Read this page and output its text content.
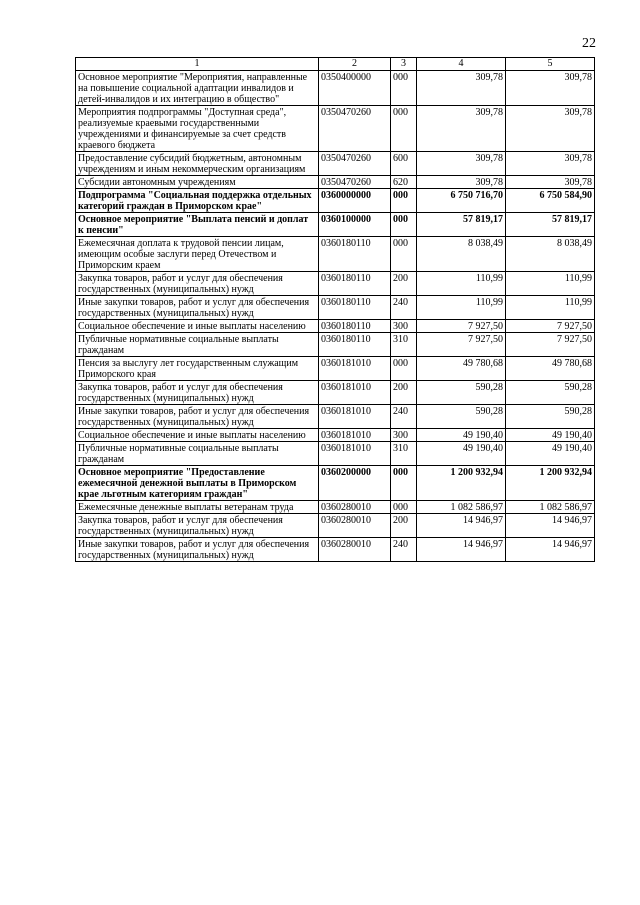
22
1	2	3	4	5
Основное мероприятие "Мероприятия, направленные на повышение социальной адаптации инвалидов и детей-инвалидов и их интеграцию в общество"	0350400000	000	309,78	309,78
Мероприятия подпрограммы "Доступная среда", реализуемые краевыми государственными учреждениями и финансируемые за счет средств краевого бюджета	0350470260	000	309,78	309,78
Предоставление субсидий бюджетным, автономным учреждениям и иным некоммерческим организациям	0350470260	600	309,78	309,78
Субсидии автономным учреждениям	0350470260	620	309,78	309,78
Подпрограмма "Социальная поддержка отдельных категорий граждан в Приморском крае"	0360000000	000	6 750 716,70	6 750 584,90
Основное мероприятие "Выплата пенсий и доплат к пенсии"	0360100000	000	57 819,17	57 819,17
Ежемесячная доплата к трудовой пенсии лицам, имеющим особые заслуги перед Отечеством и Приморским краем	0360180110	000	8 038,49	8 038,49
Закупка товаров, работ и услуг для обеспечения государственных (муниципальных) нужд	0360180110	200	110,99	110,99
Иные закупки товаров, работ и услуг для обеспечения государственных (муниципальных) нужд	0360180110	240	110,99	110,99
Социальное обеспечение и иные выплаты населению	0360180110	300	7 927,50	7 927,50
Публичные нормативные социальные выплаты гражданам	0360180110	310	7 927,50	7 927,50
Пенсия за выслугу лет государственным служащим Приморского края	0360181010	000	49 780,68	49 780,68
Закупка товаров, работ и услуг для обеспечения государственных (муниципальных) нужд	0360181010	200	590,28	590,28
Иные закупки товаров, работ и услуг для обеспечения государственных (муниципальных) нужд	0360181010	240	590,28	590,28
Социальное обеспечение и иные выплаты населению	0360181010	300	49 190,40	49 190,40
Публичные нормативные социальные выплаты гражданам	0360181010	310	49 190,40	49 190,40
Основное мероприятие "Предоставление ежемесячной денежной выплаты в Приморском крае льготным категориям граждан"	0360200000	000	1 200 932,94	1 200 932,94
Ежемесячные денежные выплаты ветеранам труда	0360280010	000	1 082 586,97	1 082 586,97
Закупка товаров, работ и услуг для обеспечения государственных (муниципальных) нужд	0360280010	200	14 946,97	14 946,97
Иные закупки товаров, работ и услуг для обеспечения государственных (муниципальных) нужд	0360280010	240	14 946,97	14 946,97
